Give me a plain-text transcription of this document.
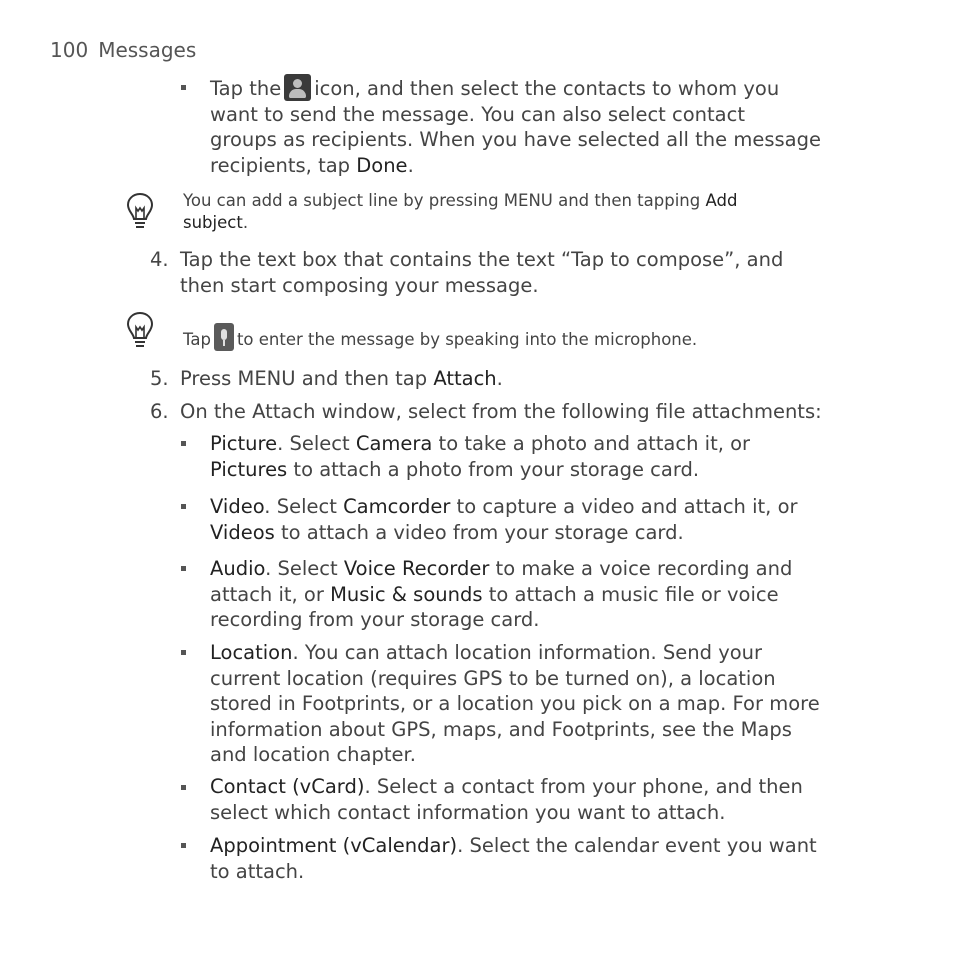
100 Messages
Tap the icon, and then select the contacts to whom you
want to send the message. You can also select contact
groups as recipients. When you have selected all the message
recipients, tap Done.
You can add a subject line by pressing MENU and then tapping Add
subject.
4. Tap the text box that contains the text “Tap to compose”, and
then start composing your message.
Tap to enter the message by speaking into the microphone.
5. Press MENU and then tap Attach.
6. On the Attach window, select from the following file attachments:
Picture. Select Camera to take a photo and attach it, or
Pictures to attach a photo from your storage card.
Video. Select Camcorder to capture a video and attach it, or
Videos to attach a video from your storage card.
Audio. Select Voice Recorder to make a voice recording and
attach it, or Music & sounds to attach a music file or voice
recording from your storage card.
Location. You can attach location information. Send your
current location (requires GPS to be turned on), a location
stored in Footprints, or a location you pick on a map. For more
information about GPS, maps, and Footprints, see the Maps
and location chapter.
Contact (vCard). Select a contact from your phone, and then
select which contact information you want to attach.
Appointment (vCalendar). Select the calendar event you want
to attach.
